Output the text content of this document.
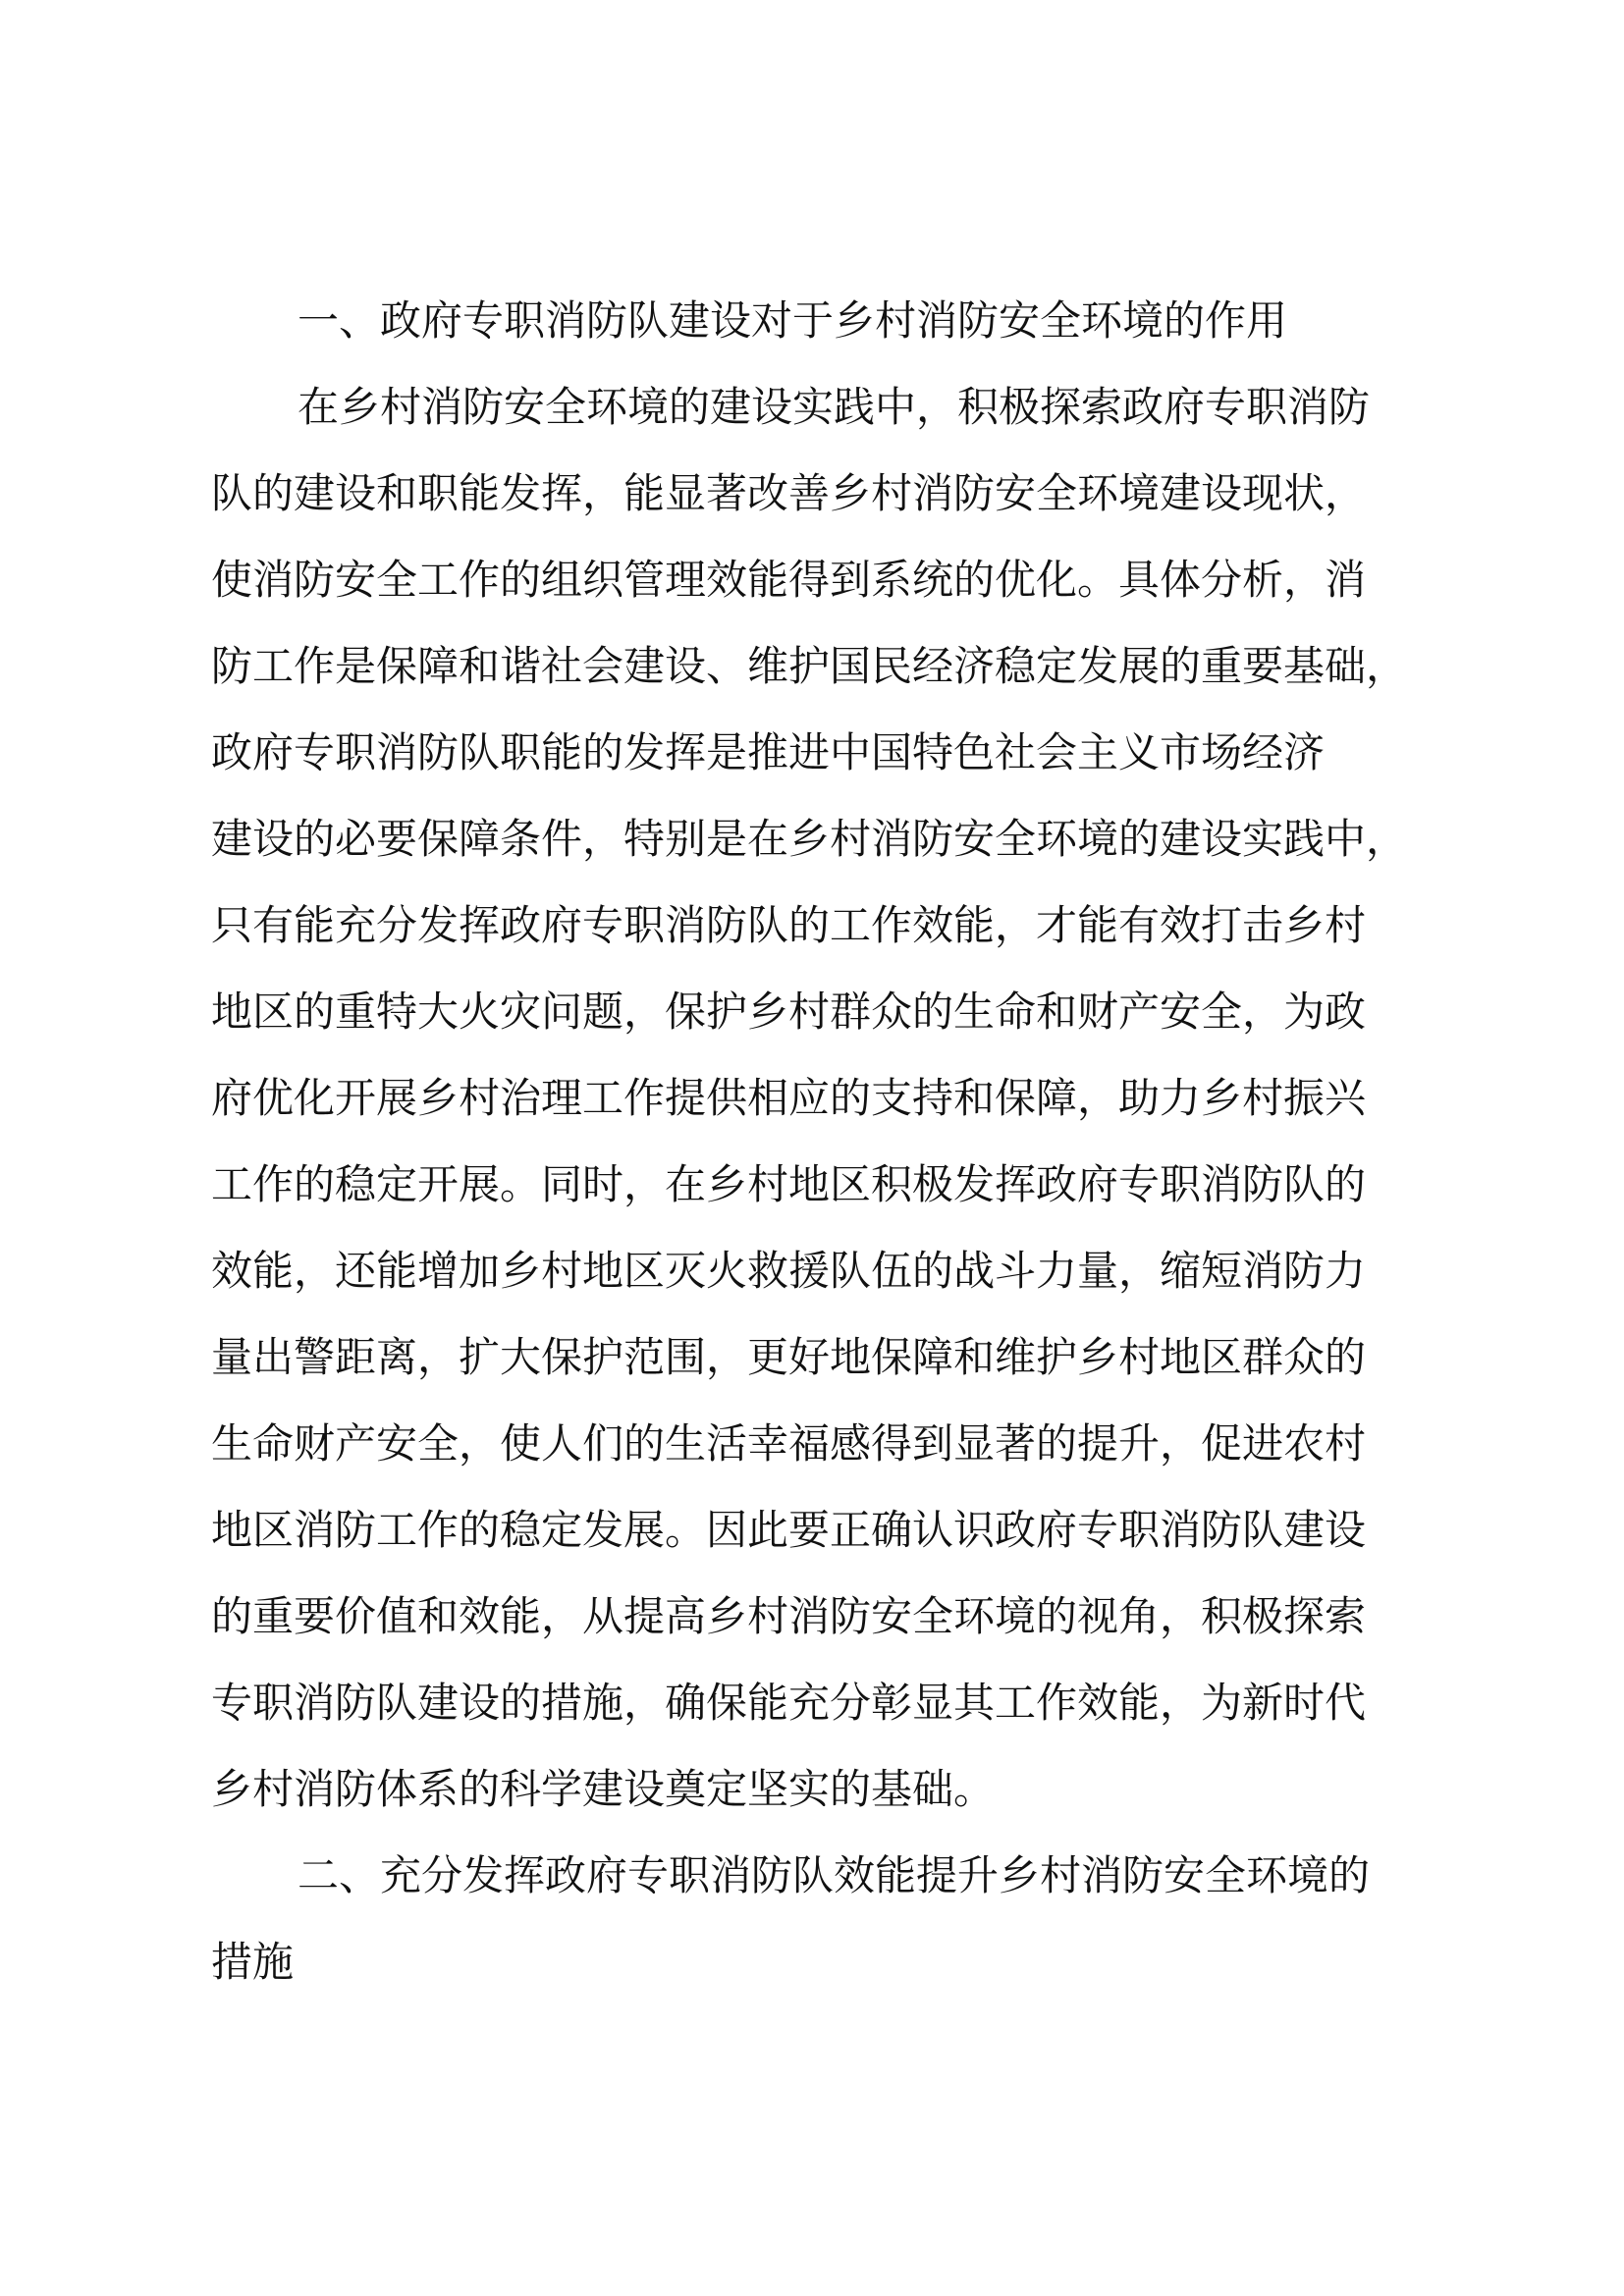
一、政府专职消防队建设对于乡村消防安全环境的作用
在乡村消防安全环境的建设实践中，积极探索政府专职消防
队的建设和职能发挥，能显著改善乡村消防安全环境建设现状，
使消防安全工作的组织管理效能得到系统的优化。具体分析，消
防工作是保障和谐社会建设、维护国民经济稳定发展的重要基础，
政府专职消防队职能的发挥是推进中国特色社会主义市场经济
建设的必要保障条件，特别是在乡村消防安全环境的建设实践中，
只有能充分发挥政府专职消防队的工作效能，才能有效打击乡村
地区的重特大火灾问题，保护乡村群众的生命和财产安全，为政
府优化开展乡村治理工作提供相应的支持和保障，助力乡村振兴
工作的稳定开展。同时，在乡村地区积极发挥政府专职消防队的
效能，还能增加乡村地区灭火救援队伍的战斗力量，缩短消防力
量出警距离，扩大保护范围，更好地保障和维护乡村地区群众的
生命财产安全，使人们的生活幸福感得到显著的提升，促进农村
地区消防工作的稳定发展。因此要正确认识政府专职消防队建设
的重要价值和效能，从提高乡村消防安全环境的视角，积极探索
专职消防队建设的措施，确保能充分彰显其工作效能，为新时代
乡村消防体系的科学建设奠定坚实的基础。
二、充分发挥政府专职消防队效能提升乡村消防安全环境的
措施
